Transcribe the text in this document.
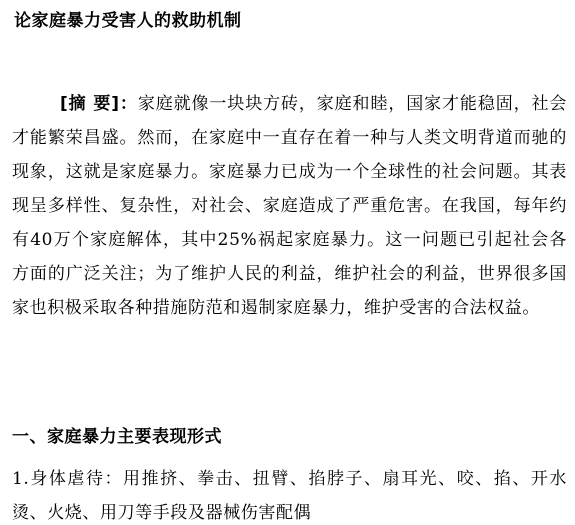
论家庭暴力受害人的救助机制
[摘 要]：家庭就像一块块方砖，家庭和睦，国家才能稳固，社会才能繁荣昌盛。然而，在家庭中一直存在着一种与人类文明背道而驰的现象，这就是家庭暴力。家庭暴力已成为一个全球性的社会问题。其表现呈多样性、复杂性，对社会、家庭造成了严重危害。在我国，每年约有40万个家庭解体，其中25%祸起家庭暴力。这一问题已引起社会各方面的广泛关注；为了维护人民的利益，维护社会的利益，世界很多国家也积极采取各种措施防范和遏制家庭暴力，维护受害的合法权益。
一、家庭暴力主要表现形式
1.身体虐待：用推挤、拳击、扭臂、掐脖子、扇耳光、咬、掐、开水烫、火烧、用刀等手段及器械伤害配偶
